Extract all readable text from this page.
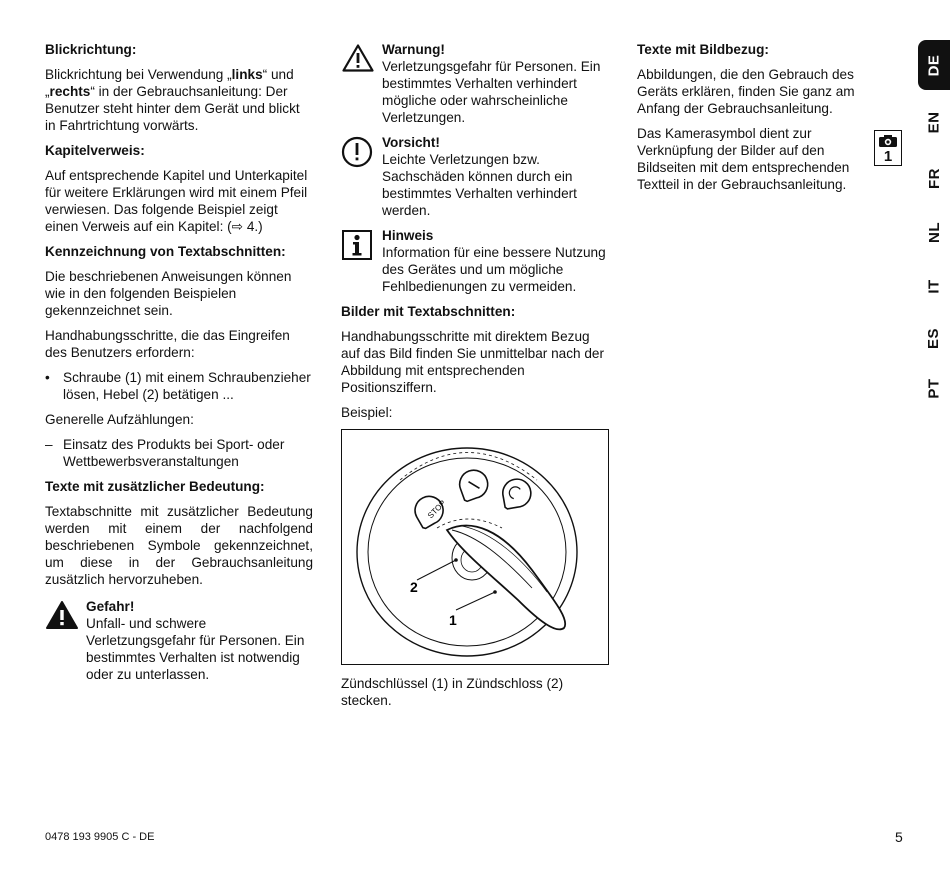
Blickrichtung:

Blickrichtung bei Verwendung „links“ und „rechts“ in der Gebrauchsanleitung: Der Benutzer steht hinter dem Gerät und blickt in Fahrtrichtung vorwärts.

Kapitelverweis:

Auf entsprechende Kapitel und Unterkapitel für weitere Erklärungen wird mit einem Pfeil verwiesen. Das folgende Beispiel zeigt einen Verweis auf ein Kapitel: (⇨ 4.)

Kennzeichnung von Textabschnitten:

Die beschriebenen Anweisungen können wie in den folgenden Beispielen gekennzeichnet sein.

Handhabungsschritte, die das Eingreifen des Benutzers erfordern:

• Schraube (1) mit einem Schraubenzieher lösen, Hebel (2) betätigen ...

Generelle Aufzählungen:

– Einsatz des Produkts bei Sport- oder Wettbewerbsveranstaltungen
Texte mit zusätzlicher Bedeutung:

Textabschnitte mit zusätzlicher Bedeutung werden mit einem der nachfolgend beschriebenen Symbole gekennzeichnet, um diese in der Gebrauchsanleitung zusätzlich hervorzuheben.

Gefahr!
Unfall- und schwere Verletzungsgefahr für Personen. Ein bestimmtes Verhalten ist notwendig oder zu unterlassen.
Warnung!
Verletzungsgefahr für Personen. Ein bestimmtes Verhalten verhindert mögliche oder wahrscheinliche Verletzungen.
Vorsicht!
Leichte Verletzungen bzw. Sachschäden können durch ein bestimmtes Verhalten verhindert werden.
Hinweis
Information für eine bessere Nutzung des Gerätes und um mögliche Fehlbedienungen zu vermeiden.
Bilder mit Textabschnitten:

Handhabungsschritte mit direktem Bezug auf das Bild finden Sie unmittelbar nach der Abbildung mit entsprechenden Positionsziffern.

Beispiel:

STOP
2
1

Zündschlüssel (1) in Zündschloss (2) stecken.

Texte mit Bildbezug:

Abbildungen, die den Gebrauch des Geräts erklären, finden Sie ganz am Anfang der Gebrauchsanleitung.

Das Kamerasymbol dient zur Verknüpfung der Bilder auf den Bildseiten mit dem entsprechenden Textteil in der Gebrauchsanleitung.

1
DE
EN
FR
NL
IT
ES
PT
0478 193 9905 C - DE	5
